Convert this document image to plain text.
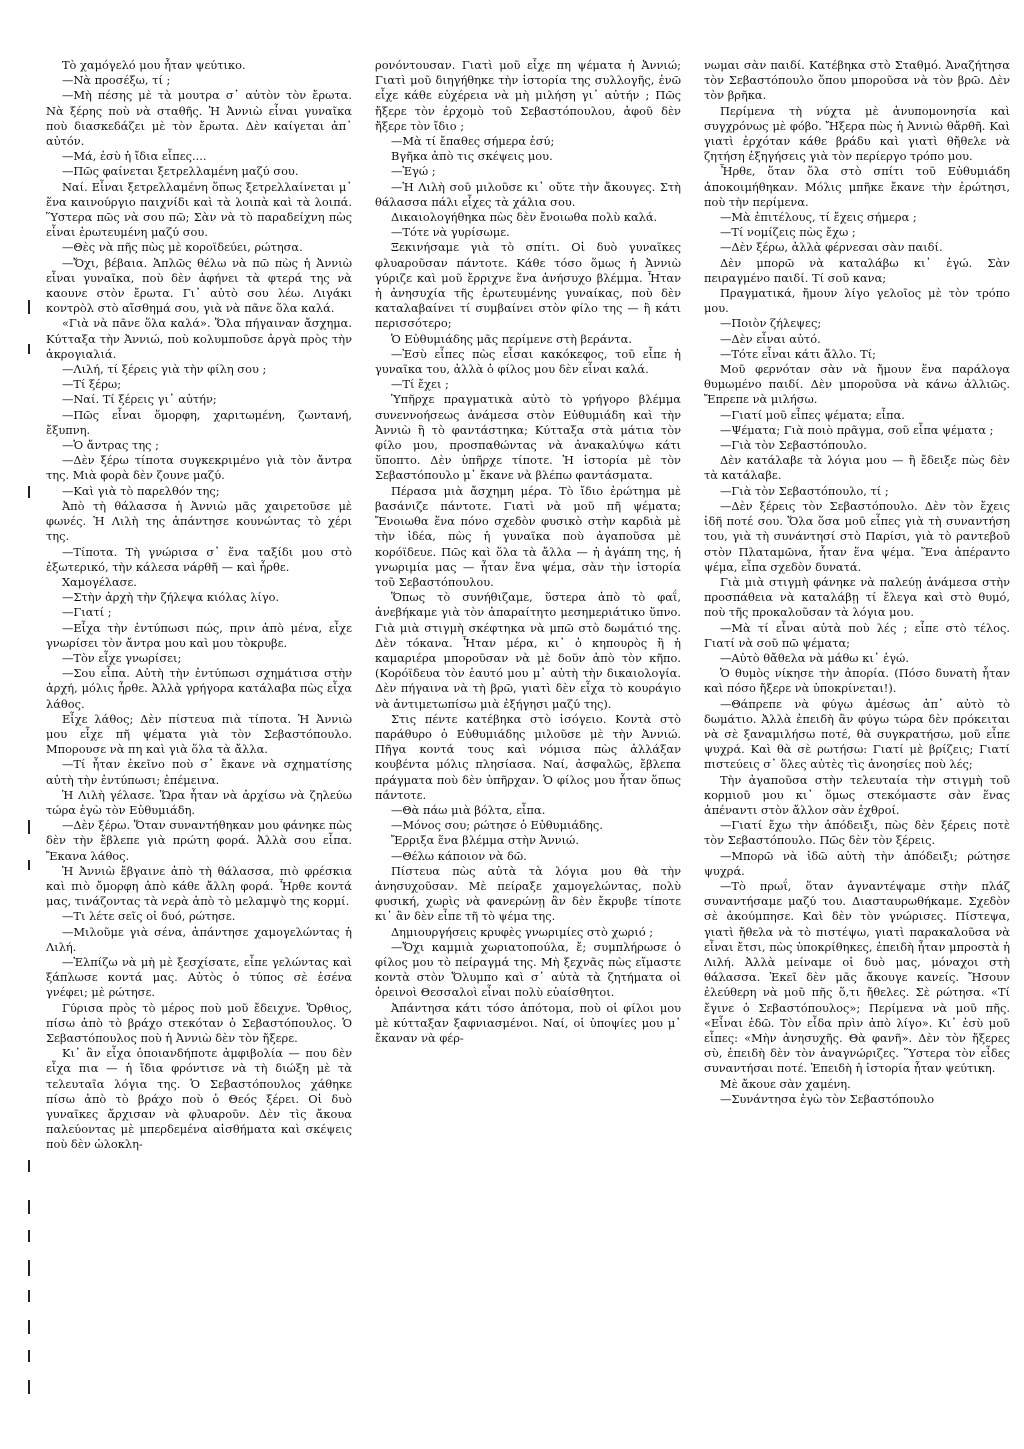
Τὸ χαμόγελό μου ἦταν ψεύτικο.

—Νὰ προσέξω, τί ;

—Μὴ πέσης μὲ τὰ μουτρα σ᾽ αὐτὸν τὸν ἔρωτα. Νὰ ξέρης ποὺ νὰ σταθῆς. Ἡ Ἀννιὼ εἶναι γυναῖκα ποὺ διασκεδάζει μὲ τὸν ἔρωτα. Δὲν καίγεται ἀπ᾽ αὐτόν.

—Μά, ἐσὺ ἡ ἴδια εἶπες....

—Πῶς φαίνεται ξετρελλαμένη μαζύ σου.

Ναί. Εἶναι ξετρελλαμένη ὅπως ξετρελλαίνεται μ᾽ ἕνα καινούργιο παιχνίδι καὶ τὰ λοιπὰ καὶ τὰ λοιπά. Ὕστερα πῶς νὰ σου πῶ; Σὰν νὰ τὸ παραδείχνη πὼς εἶναι ἐρωτευμένη μαζύ σου.

—Θὲς νὰ πῆς πὼς μὲ κοροϊδεύει, ρώτησα.

—Ὄχι, βέβαια. Ἁπλῶς θέλω νὰ πῶ πὼς ἡ Ἀννιὼ εἶναι γυναῖκα, ποὺ δὲν ἀφήνει τὰ φτερά της νὰ καουνε στὸν ἔρωτα. Γι᾽ αὐτὸ σου λέω. Λιγάκι κοντρὸλ στὸ αἴσθημά σου, γιὰ νὰ πᾶνε ὅλα καλά.

«Γιὰ νὰ πᾶνε ὅλα καλά». Ὅλα πήγαιναν ἄσχημα. Κύτταξα τὴν Ἀννιώ, ποὺ κολυμποῦσε ἀργὰ πρὸς τὴν ἀκρογιαλιά.

—Λιλή, τί ξέρεις γιὰ τὴν φίλη σου ;

—Τί ξέρω;

—Ναί. Τί ξέρεις γι᾽ αὐτήν;

—Πῶς εἶναι ὅμορφη, χαριτωμένη, ζωντανή, ἔξυπνη.

—Ὁ ἄντρας της ;

—Δὲν ξέρω τίποτα συγκεκριμένο γιὰ τὸν ἄντρα της. Μιὰ φορὰ δὲν ζουνε μαζύ.

—Καὶ γιὰ τὸ παρελθόν της;

Ἀπὸ τὴ θάλασσα ἡ Ἀννιὼ μᾶς χαιρετοῦσε μὲ φωνές. Ἡ Λιλὴ της ἀπάντησε κουνώντας τὸ χέρι της.

—Τίποτα. Τὴ γνώρισα σ᾽ ἕνα ταξίδι μου στὸ ἐξωτερικό, τὴν κάλεσα νάρθῆ — καὶ ἦρθε.

Χαμογέλασε.

—Στὴν ἀρχὴ τὴν ζήλεψα κιόλας λίγο.

—Γιατί ;

—Εἶχα τὴν ἐντύπωσι πώς, πριν ἀπὸ μένα, εἶχε γνωρίσει τὸν ἄντρα μου καὶ μου τὸκρυβε.

—Τὸν εἶχε γνωρίσει;

—Σου εἶπα. Αὐτὴ τὴν ἐντύπωσι σχημάτισα στὴν ἀρχή, μόλις ἦρθε. Ἀλλὰ γρήγορα κατάλαβα πὼς εἶχα λάθος.

Εἶχε λάθος; Δὲν πίστευα πιὰ τίποτα. Ἡ Ἀννιὼ μου εἶχε πῆ ψέματα γιὰ τὸν Σεβαστόπουλο. Μπορουσε νὰ πη καὶ γιὰ ὅλα τὰ ἄλλα.

—Τί ἦταν ἐκεῖνο ποὺ σ᾽ ἔκανε νὰ σχηματίσης αὐτὴ τὴν ἐντύπωσι; ἐπέμεινα.

Ἡ Λιλὴ γέλασε. Ὥρα ἦταν νὰ ἀρχίσω νὰ ζηλεύω τώρα ἐγὼ τὸν Εὐθυμιάδη.

—Δὲν ξέρω. Ὅταν συναντήθηκαν μου φάνηκε πὼς δὲν τὴν ἔβλεπε γιὰ πρώτη φορά. Ἀλλὰ σου εἶπα. Ἔκανα λάθος.

Ἡ Ἀννιὼ ἔβγαινε ἀπὸ τὴ θάλασσα, πιὸ φρέσκια καὶ πιὸ ὄμορφη ἀπὸ κάθε ἄλλη φορά. Ἦρθε κοντά μας, τινάζοντας τὰ νερὰ ἀπὸ τὸ μελαμψὸ της κορμί.

—Τι λέτε σεῖς οἱ δυό, ρώτησε.

—Μιλοῦμε γιὰ σένα, ἀπάντησε χαμογελώντας ἡ Λιλή.

—Ἐλπίζω νὰ μὴ μὲ ξεσχίσατε, εἶπε γελώντας καὶ ξάπλωσε κοντά μας. Αὐτὸς ὁ τύπος σὲ ἐσένα γνέφει; μὲ ρώτησε.

Γύρισα πρὸς τὸ μέρος ποὺ μοῦ ἔδειχνε. Ὄρθιος, πίσω ἀπὸ τὸ βράχο στεκόταν ὁ Σεβαστόπουλος. Ὁ Σεβαστόπουλος ποὺ ἡ Ἀννιὼ δὲν τὸν ἤξερε.

Κι᾽ ἂν εἶχα ὁποιανδήποτε ἀμφιβολία — που δὲν εἶχα πια — ἡ ἴδια φρόντισε νὰ τὴ διώξη μὲ τὰ τελευταῖα λόγια της. Ὁ Σεβαστόπουλος χάθηκε πίσω ἀπὸ τὸ βράχο ποὺ ὁ Θεός ξέρει. Οἱ δυὸ γυναῖκες ἄρχισαν νὰ φλυαροῦν. Δὲν τὶς ἄκουα παλεύοντας μὲ μπερδεμένα αἰσθήματα καὶ σκέψεις ποὺ δὲν ὡλοκλη-

ρονόντουσαν. Γιατὶ μοῦ εἶχε πη ψέματα ἡ Ἀννιώ; Γιατὶ μοῦ διηγήθηκε τὴν ἱστορία της συλλογῆς, ἐνῶ εἶχε κάθε εὐχέρεια νὰ μὴ μιλήση γι᾽ αὐτήν ; Πῶς ἤξερε τὸν ἐρχομὸ τοῦ Σεβαστόπουλου, ἀφοῦ δὲν ἤξερε τὸν ἴδιο ;

—Μὰ τί ἔπαθες σήμερα ἐσύ;

Βγῆκα ἀπὸ τις σκέψεις μου.

—Ἐγώ ;

—Ἡ Λιλὴ σοῦ μιλοῦσε κι᾽ οὔτε τὴν ἄκουγες. Στὴ θάλασσα πάλι εἶχες τὰ χάλια σου.

Δικαιολογήθηκα πὼς δὲν ἔνοιωθα πολὺ καλά.

—Τότε νὰ γυρίσωμε.

Ξεκινήσαμε γιὰ τὸ σπίτι. Οἱ δυὸ γυναῖκες φλυαροῦσαν πάντοτε. Κάθε τόσο ὅμως ἡ Ἀννιὼ γύριζε καὶ μοῦ ἔρριχνε ἕνα ἀνήσυχο βλέμμα. Ἦταν ἡ ἀνησυχία τῆς ἐρωτευμένης γυναίκας, ποὺ δὲν καταλαβαίνει τί συμβαίνει στὸν φίλο της — ἢ κάτι περισσότερο;

Ὁ Εὐθυμιάδης μᾶς περίμενε στὴ βεράντα.

—Ἐσὺ εἶπες πὼς εἶσαι κακόκεφος, τοῦ εἶπε ἡ γυναῖκα του, ἀλλὰ ὁ φίλος μου δὲν εἶναι καλά.

—Τί ἔχει ;

Ὑπῆρχε πραγματικὰ αὐτὸ τὸ γρήγορο βλέμμα συνεννοήσεως ἀνάμεσα στὸν Εὐθυμιάδη καὶ τὴν Ἀννιὼ ἢ τὸ φαντάστηκα; Κύτταξα στὰ μάτια τὸν φίλο μου, προσπαθώντας νὰ ἀνακαλύψω κάτι ὕποπτο. Δὲν ὑπῆρχε τίποτε. Ἡ ἱστορία μὲ τὸν Σεβαστόπουλο μ᾽ ἔκανε νὰ βλέπω φαντάσματα.

Πέρασα μιὰ ἄσχημη μέρα. Τὸ ἴδιο ἐρώτημα μὲ βασάνιζε πάντοτε. Γιατὶ νὰ μοῦ πῆ ψέματα; Ἔνοιωθα ἕνα πόνο σχεδὸν φυσικὸ στὴν καρδιὰ μὲ τὴν ἰδέα, πὼς ἡ γυναῖκα ποὺ ἀγαποῦσα μὲ κορόϊδευε. Πῶς καὶ ὅλα τὰ ἄλλα — ἡ ἀγάπη της, ἡ γνωριμία μας — ἦταν ἕνα ψέμα, σὰν τὴν ἱστορία τοῦ Σεβαστόπουλου.

Ὅπως τὸ συνήθιζαμε, ὕστερα ἀπὸ τὸ φαΐ, ἀνεβήκαμε γιὰ τὸν ἀπαραίτητο μεσημεριάτικο ὕπνο. Γιὰ μιὰ στιγμὴ σκέφτηκα νὰ μπῶ στὸ δωμάτιό της. Δὲν τόκανα. Ἦταν μέρα, κι᾽ ὁ κηπουρὸς ἢ ἡ καμαριέρα μποροῦσαν νὰ μὲ δοῦν ἀπὸ τὸν κῆπο. (Κορόϊδευα τὸν ἑαυτό μου μ᾽ αὐτὴ τὴν δικαιολογία. Δὲν πήγαινα νὰ τὴ βρῶ, γιατὶ δὲν εἶχα τὸ κουράγιο νὰ ἀντιμετωπίσω μιὰ ἐξήγησι μαζύ της).

Στις πέντε κατέβηκα στὸ ἰσόγειο. Κοντὰ στὸ παράθυρο ὁ Εὐθυμιάδης μιλοῦσε μὲ τὴν Ἀννιώ. Πῆγα κοντά τους καὶ νόμισα πὼς ἀλλάξαν κουβέντα μόλις πλησίασα. Ναί, ἀσφαλῶς, ἔβλεπα πράγματα ποὺ δὲν ὑπῆρχαν. Ὁ φίλος μου ἦταν ὅπως πάντοτε.

—Θὰ πάω μιὰ βόλτα, εἶπα.

—Μόνος σου; ρώτησε ὁ Εὐθυμιάδης.

Ἔρριξα ἕνα βλέμμα στὴν Ἀννιώ.

—Θέλω κάποιον νὰ δῶ.

Πίστευα πὼς αὐτὰ τὰ λόγια μου θὰ τὴν ἀνησυχοῦσαν. Μὲ πείραξε χαμογελώντας, πολὺ φυσική, χωρὶς νὰ φανερώνῃ ἂν δὲν ἔκρυβε τίποτε κι᾽ ἂν δὲν εἶπε τῆ τὸ ψέμα της.

Δημιουργήσεις κρυφὲς γνωριμίες στὸ χωριό ;

—Ὄχι καμμιὰ χωριατοπούλα, ἔ; συμπλήρωσε ὁ φίλος μου τὸ πείραγμά της. Μὴ ξεχνᾶς πὼς εἴμαστε κοντὰ στὸν Ὄλυμπο καὶ σ᾽ αὐτὰ τὰ ζητήματα οἱ ὀρεινοὶ Θεσσαλοὶ εἶναι πολὺ εὐαίσθητοι.

Ἀπάντησα κάτι τόσο ἀπότομα, ποὺ οἱ φίλοι μου μὲ κύτταξαν ξαφνιασμένοι. Ναί, οἱ ὑποψίες μου μ᾽ ἔκαναν νὰ φέρ-

νωμαι σὰν παιδί. Κατέβηκα στὸ Σταθμό. Ἀναζήτησα τὸν Σεβαστόπουλο ὅπου μποροῦσα νὰ τὸν βρῶ. Δὲν τὸν βρῆκα.

Περίμενα τὴ νύχτα μὲ ἀνυπομονησία καὶ συγχρόνως μὲ φόβο. Ἤξερα πὼς ἡ Ἀννιὼ θἄρθῆ. Καὶ γιατὶ ἐρχόταν κάθε βράδυ καὶ γιατὶ θἤθελε νὰ ζητήση ἐξηγήσεις γιὰ τὸν περίεργο τρόπο μου.

Ἦρθε, ὅταν ὅλα στὸ σπίτι τοῦ Εὐθυμιάδη ἀποκοιμήθηκαν. Μόλις μπῆκε ἔκανε τὴν ἐρώτησι, ποὺ τὴν περίμενα.

—Μὰ ἐπιτέλους, τί ἔχεις σήμερα ;

—Τί νομίζεις πὼς ἔχω ;

—Δὲν ξέρω, ἀλλὰ φέρνεσαι σὰν παιδί.

Δὲν μπορῶ νὰ καταλάβω κι᾽ ἐγώ. Σὰν πειραγμένο παιδί. Τί σοῦ κανα;

Πραγματικά, ἤμουν λίγο γελοῖος μὲ τὸν τρόπο μου.

—Ποιὸν ζήλεψες;

—Δὲν εἶναι αὐτό.

—Τότε εἶναι κάτι ἄλλο. Τί;

Μοῦ φερνόταν σὰν νὰ ἤμουν ἕνα παράλογα θυμωμένο παιδί. Δὲν μποροῦσα νὰ κάνω ἀλλιῶς. Ἔπρεπε νὰ μιλήσω.

—Γιατί μοῦ εἶπες ψέματα; εἶπα.

—Ψέματα; Γιὰ ποιὸ πρᾶγμα, σοῦ εἶπα ψέματα ;

—Γιὰ τὸν Σεβαστόπουλο.

Δὲν κατάλαβε τὰ λόγια μου — ἢ ἔδειξε πὼς δὲν τὰ κατάλαβε.

—Γιὰ τὸν Σεβαστόπουλο, τί ;

—Δὲν ξέρεις τὸν Σεβαστόπουλο. Δὲν τὸν ἔχεις ἰδῆ ποτέ σου. Ὅλα ὅσα μοῦ εἶπες γιὰ τὴ συναντήση του, γιὰ τὴ συνάντησί στὸ Παρίσι, γιὰ τὸ ραντεβοῦ στὸν Πλαταμῶνα, ἦταν ἕνα ψέμα. Ἕνα ἀπέραντο ψέμα, εἶπα σχεδὸν δυνατά.

Γιὰ μιὰ στιγμὴ φάνηκε νὰ παλεύῃ ἀνάμεσα στὴν προσπάθεια νὰ καταλάβῃ τί ἔλεγα καὶ στὸ θυμό, ποὺ τῆς προκαλοῦσαν τὰ λόγια μου.

—Μὰ τί εἶναι αὐτὰ ποὺ λές ; εἶπε στὸ τέλος. Γιατί νὰ σοῦ πῶ ψέματα;

—Αὐτὸ θἄθελα νὰ μάθω κι᾽ ἐγώ.

Ὁ θυμὸς νίκησε τὴν ἀπορία. (Πόσο δυνατὴ ἦταν καὶ πόσο ἤξερε νὰ ὑποκρίνεται!).

—Θάπρεπε νὰ φύγω ἀμέσως ἀπ᾽ αὐτὸ τὸ δωμάτιο. Ἀλλὰ ἐπειδὴ ἂν φύγω τώρα δὲν πρόκειται νὰ σὲ ξαναμιλήσω ποτέ, θὰ συγκρατήσω, μοῦ εἶπε ψυχρά. Καὶ θὰ σὲ ρωτήσω: Γιατί μὲ βρίζεις; Γιατί πιστεύεις σ᾽ ὅλες αὐτὲς τὶς ἀνοησίες ποὺ λές;

Τὴν ἀγαποῦσα στὴν τελευταία τὴν στιγμὴ τοῦ κορμιοῦ μου κι᾽ ὅμως στεκόμαστε σὰν ἕνας ἀπέναντι στὸν ἄλλον σὰν ἐχθροί.

—Γιατί ἔχω τὴν ἀπόδειξι, πὼς δὲν ξέρεις ποτὲ τὸν Σεβαστόπουλο. Πῶς δὲν τὸν ξέρεις.

—Μπορῶ νὰ ἰδῶ αὐτὴ τὴν ἀπόδειξι; ρώτησε ψυχρά.

—Τὸ πρωΐ, ὅταν ἀγναντέψαμε στὴν πλάζ συναντήσαμε μαζύ του. Διασταυρωθήκαμε. Σχεδὸν σὲ ἀκούμπησε. Καὶ δὲν τὸν γνώρισες. Πίστεψα, γιατὶ ἤθελα νὰ τὸ πιστέψω, γιατὶ παρακαλοῦσα νὰ εἶναι ἔτσι, πὼς ὑποκρίθηκες, ἐπειδὴ ἦταν μπροστὰ ἡ Λιλή. Ἀλλὰ μείναμε οἱ δυὸ μας, μόναχοι στὴ θάλασσα. Ἐκεῖ δὲν μᾶς ἄκουγε κανείς. Ἤσουν ἐλεύθερη νὰ μοῦ πῆς ὅ,τι ἤθελες. Σὲ ρώτησα. «Τί ἔγινε ὁ Σεβαστόπουλος»; Περίμενα νὰ μοῦ πῆς. «Εἶναι ἐδῶ. Τὸν εἶδα πρὶν ἀπὸ λίγο». Κι᾽ ἐσὺ μοῦ εἶπες: «Μὴν ἀνησυχῆς. Θὰ φανῆ». Δὲν τὸν ἤξερες σὺ, ἐπειδὴ δὲν τὸν ἀναγνώριζες. Ὕστερα τὸν εἶδες συναντήσαι ποτέ. Ἐπειδὴ ἡ ἱστορία ἦταν ψεύτικη.

Μὲ ἄκουε σὰν χαμένη.

—Συνάντησα ἐγὼ τὸν Σεβαστόπουλο
